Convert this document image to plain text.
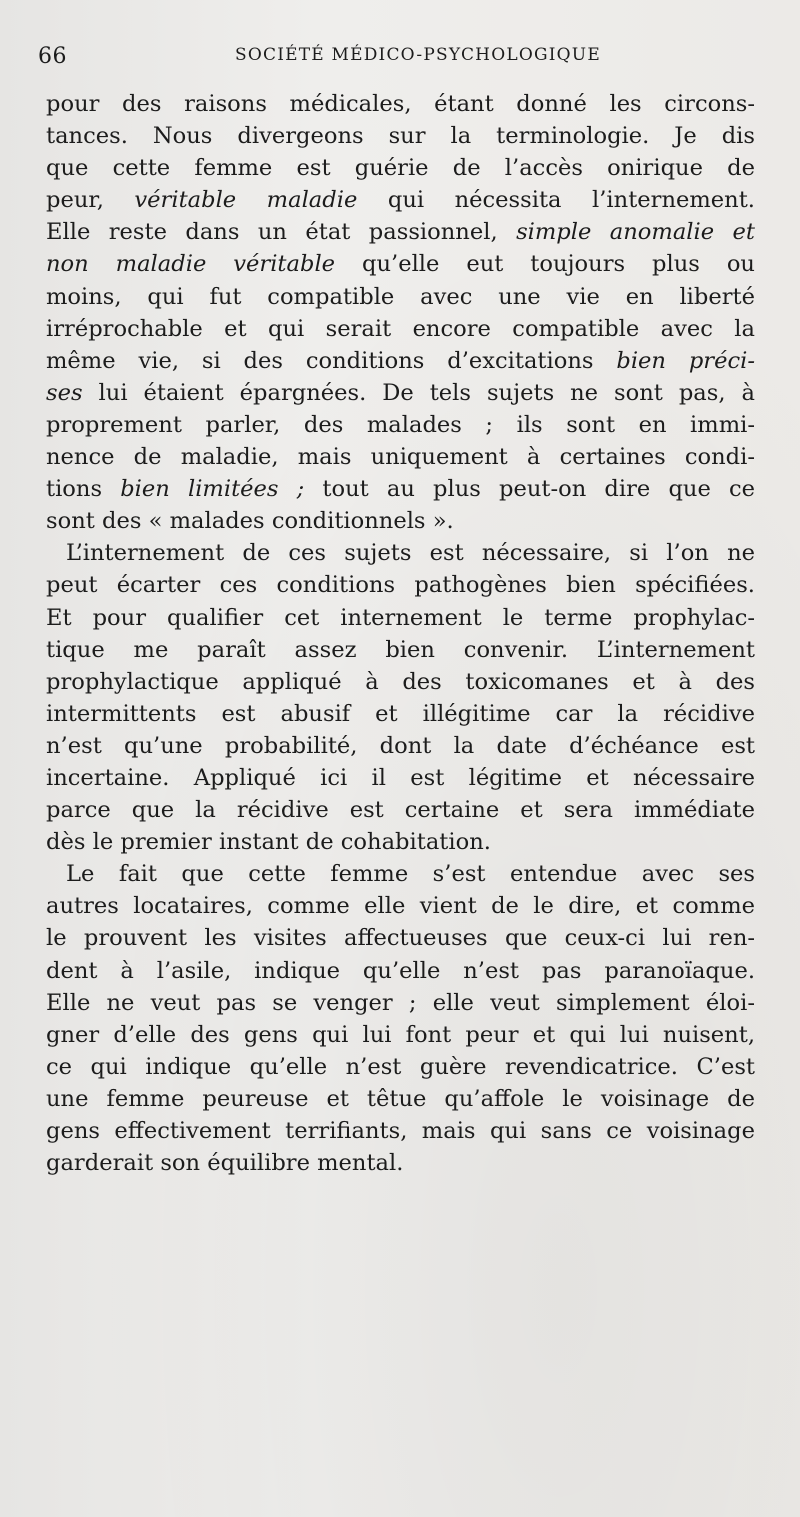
66	SOCIÉTÉ MÉDICO-PSYCHOLOGIQUE
pour des raisons médicales, étant donné les circons-
tances. Nous divergeons sur la terminologie. Je dis
que cette femme est guérie de l’accès onirique de
peur, véritable maladie qui nécessita l’internement.
Elle reste dans un état passionnel, simple anomalie et
non maladie véritable qu’elle eut toujours plus ou
moins, qui fut compatible avec une vie en liberté
irréprochable et qui serait encore compatible avec la
même vie, si des conditions d’excitations bien préci-
ses lui étaient épargnées. De tels sujets ne sont pas, à
proprement parler, des malades ; ils sont en immi-
nence de maladie, mais uniquement à certaines condi-
tions bien limitées ; tout au plus peut-on dire que ce
sont des « malades conditionnels ».
L’internement de ces sujets est nécessaire, si l’on ne
peut écarter ces conditions pathogènes bien spécifiées.
Et pour qualifier cet internement le terme prophylac-
tique me paraît assez bien convenir. L’internement
prophylactique appliqué à des toxicomanes et à des
intermittents est abusif et illégitime car la récidive
n’est qu’une probabilité, dont la date d’échéance est
incertaine. Appliqué ici il est légitime et nécessaire
parce que la récidive est certaine et sera immédiate
dès le premier instant de cohabitation.
Le fait que cette femme s’est entendue avec ses
autres locataires, comme elle vient de le dire, et comme
le prouvent les visites affectueuses que ceux-ci lui ren-
dent à l’asile, indique qu’elle n’est pas paranoïaque.
Elle ne veut pas se venger ; elle veut simplement éloi-
gner d’elle des gens qui lui font peur et qui lui nuisent,
ce qui indique qu’elle n’est guère revendicatrice. C’est
une femme peureuse et têtue qu’affole le voisinage de
gens effectivement terrifiants, mais qui sans ce voisinage
garderait son équilibre mental.
